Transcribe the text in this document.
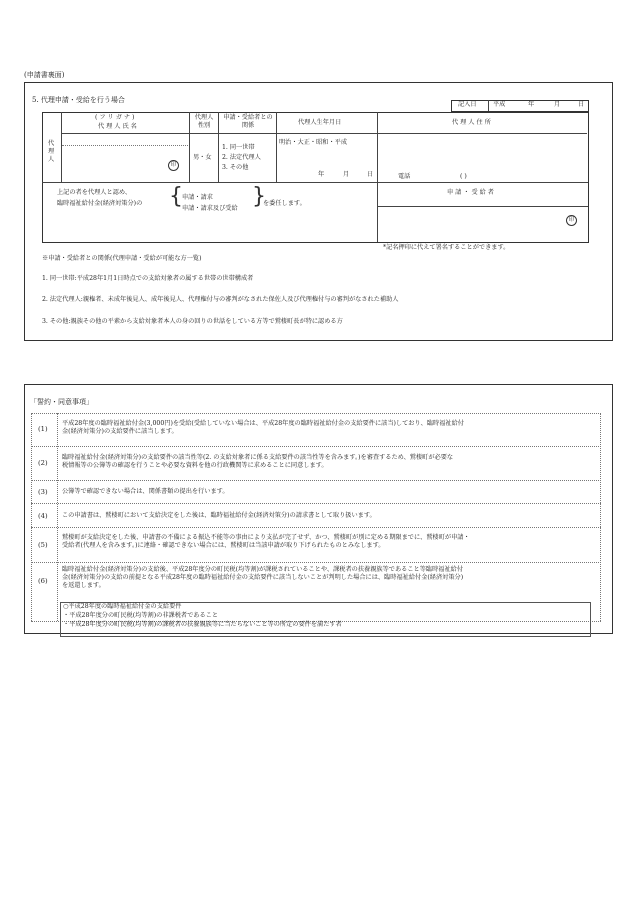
(申請書裏面)
5. 代理申請・受給を行う場合
記入日	平成	年	月	日
代理人
( フ リ ガ ナ )
代 理 人 氏 名
印
代理人性別
男・女
申請・受給者との関係
1. 同一世帯
2. 法定代理人
3. その他
代理人生年月日
明治・大正・昭和・平成
年	月	日
代 理 人 住 所
電話	( )
上記の者を代理人と認め、
臨時福祉給付金(経済対策分)の { 申請・請求
申請・請求及び受給 }
を委任します。
申 請 ・ 受 給 者
印
*記名押印に代えて署名することができます。
※申請・受給者との関係(代理申請・受給が可能な方一覧)
1. 同一世帯:平成28年1月1日時点での支給対象者の属する世帯の世帯構成者
2. 法定代理人:親権者、未成年後見人、成年後見人、代理権付与の審判がなされた保佐人及び代理権付与の審判がなされた補助人
3. その他:親族その他の平素から支給対象者本人の身の回りの世話をしている方等で鷲棲町長が特に認める方
「誓約・同意事項」
(1)
平成28年度の臨時福祉給付金(3,000円)を受給(受給していない場合は、平成28年度の臨時福祉給付金の支給要件に該当)しており、臨時福祉給付
金(経済対策分)の支給要件に該当します。
(2)
臨時福祉給付金(経済対策分)の支給要件の該当性等(2. の支給対象者に係る支給要件の該当性等を含みます。)を審査するため、鷲棲町が必要な
税情報等の公簿等の確認を行うことや必要な資料を他の行政機関等に求めることに同意します。
(3) 公簿等で確認できない場合は、関係書類の提出を行います。
(4) この申請書は、鷲棲町において支給決定をした後は、臨時福祉給付金(経済対策分)の請求書として取り扱います。
(5)
鷲棲町が支給決定をした後、申請書の不備による振込不能等の事由により支払が完了せず、かつ、鷲棲町が別に定める期限までに、鷲棲町が申請・
受給者(代理人を含みます。)に連絡・確認できない場合には、鷲棲町は当該申請が取り下げられたものとみなします。
(6)
臨時福祉給付金(経済対策分)の支給後、平成28年度分の町民税(均等割)が課税されていることや、課税者の扶養親族等であること等臨時福祉給付
金(経済対策分)の支給の前提となる平成28年度の臨時福祉給付金の支給要件に該当しないことが判明した場合には、臨時福祉給付金(経済対策分)
を返還します。
○平成28年度の臨時福祉給付金の支給要件
・平成28年度分の町民税(均等割)の非課税者であること
・平成28年度分の町民税(均等割)の課税者の扶養親族等に当たらないこと等の所定の要件を満たす者
